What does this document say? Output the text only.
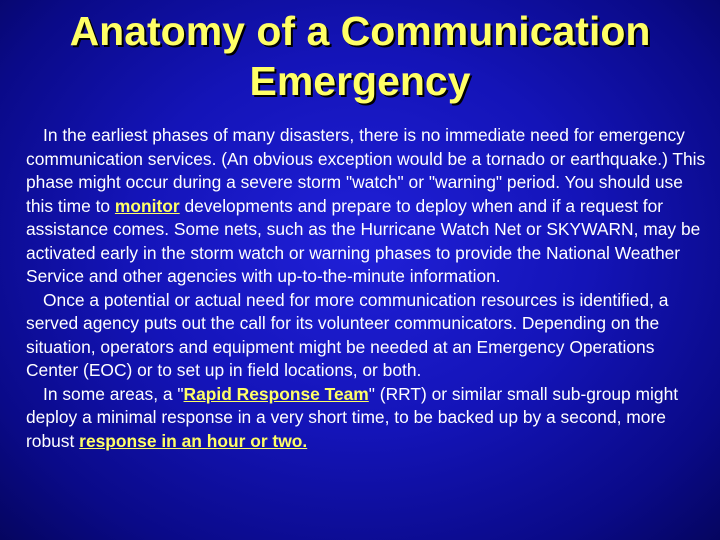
Anatomy of a Communication
Emergency

In the earliest phases of many disasters, there is no immediate need for emergency communication services. (An obvious exception would be a tornado or earthquake.) This phase might occur during a severe storm "watch" or "warning" period. You should use this time to monitor developments and prepare to deploy when and if a request for assistance comes. Some nets, such as the Hurricane Watch Net or SKYWARN, may be activated early in the storm watch or warning phases to provide the National Weather Service and other agencies with up-to-the-minute information.

Once a potential or actual need for more communication resources is identified, a served agency puts out the call for its volunteer communicators. Depending on the situation, operators and equipment might be needed at an Emergency Operations Center (EOC) or to set up in field locations, or both.

In some areas, a "Rapid Response Team" (RRT) or similar small sub-group might deploy a minimal response in a very short time, to be backed up by a second, more robust response in an hour or two.
